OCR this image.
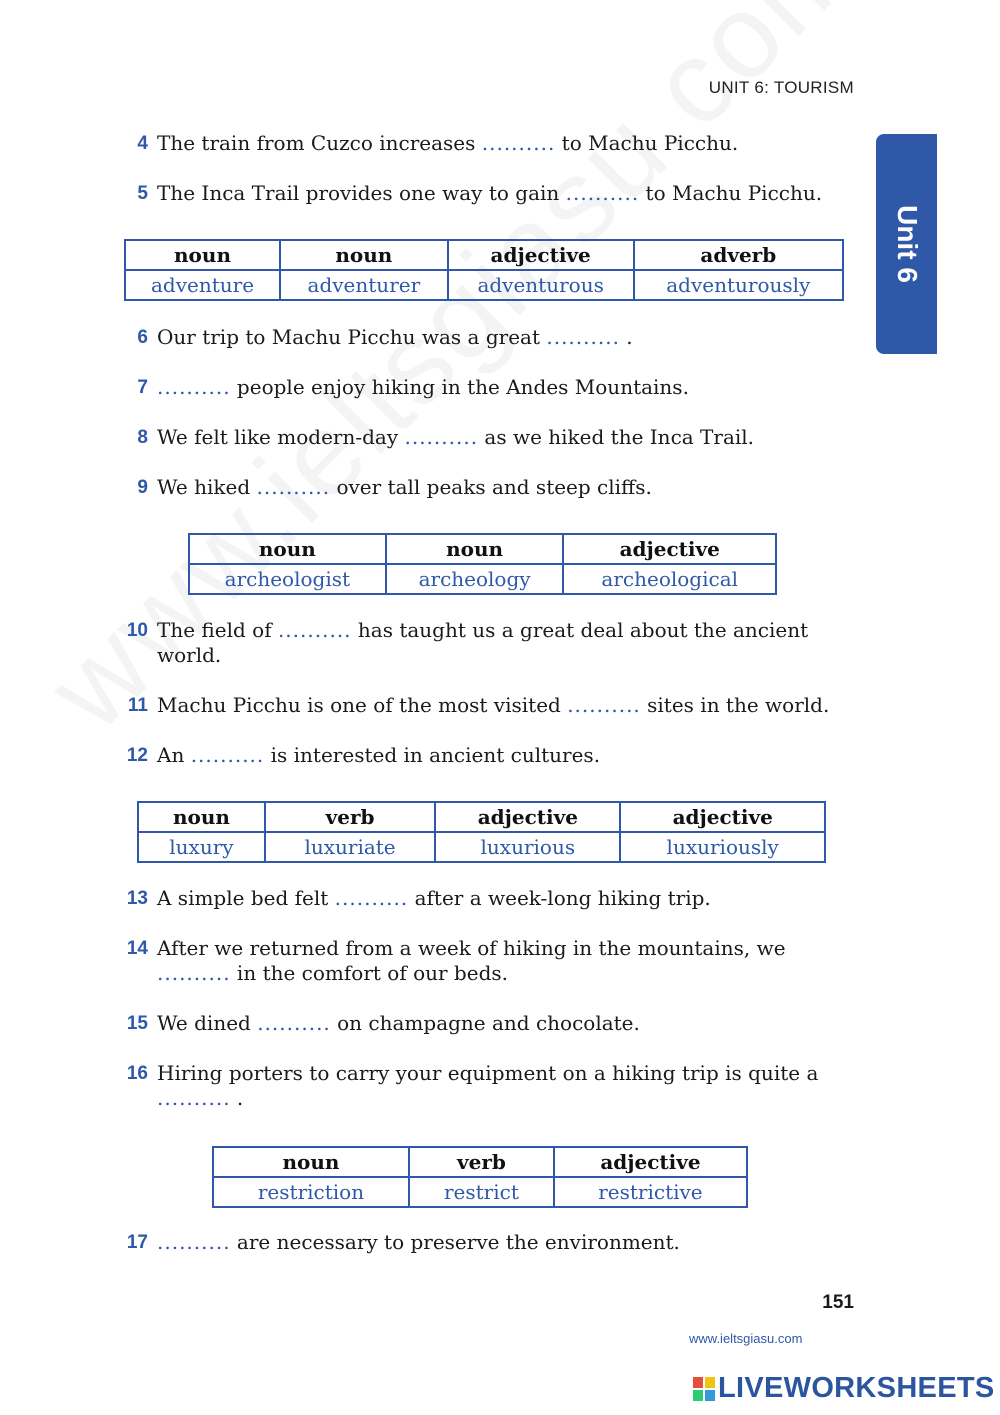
UNIT 6: TOURISM
Unit 6
4 The train from Cuzco increases .......... to Machu Picchu.
5 The Inca Trail provides one way to gain .......... to Machu Picchu.
noun	noun	adjective	adverb
adventure	adventurer	adventurous	adventurously
6 Our trip to Machu Picchu was a great .......... .
7 .......... people enjoy hiking in the Andes Mountains.
8 We felt like modern-day .......... as we hiked the Inca Trail.
9 We hiked .......... over tall peaks and steep cliffs.
noun	noun	adjective
archeologist	archeology	archeological
10 The field of .......... has taught us a great deal about the ancient world.
11 Machu Picchu is one of the most visited .......... sites in the world.
12 An .......... is interested in ancient cultures.
noun	verb	adjective	adjective
luxury	luxuriate	luxurious	luxuriously
13 A simple bed felt .......... after a week-long hiking trip.
14 After we returned from a week of hiking in the mountains, we .......... in the comfort of our beds.
15 We dined .......... on champagne and chocolate.
16 Hiring porters to carry your equipment on a hiking trip is quite a .......... .
noun	verb	adjective
restriction	restrict	restrictive
17 .......... are necessary to preserve the environment.
151
www.ieltsgiasu.com
LIVEWORKSHEETS
